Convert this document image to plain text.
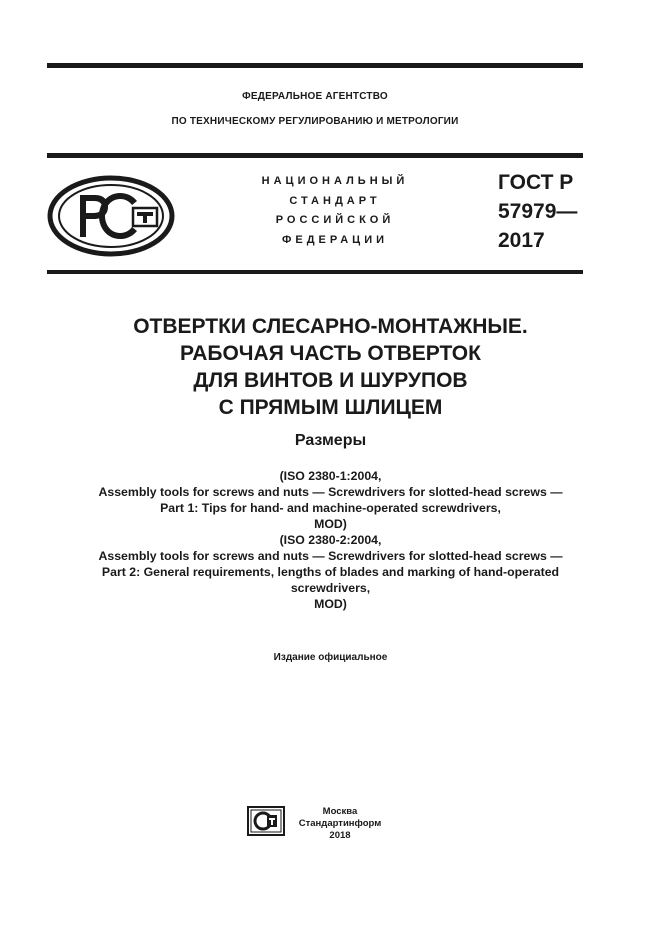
ФЕДЕРАЛЬНОЕ АГЕНТСТВО
ПО ТЕХНИЧЕСКОМУ РЕГУЛИРОВАНИЮ И МЕТРОЛОГИИ
НАЦИОНАЛЬНЫЙ
СТАНДАРТ
РОССИЙСКОЙ
ФЕДЕРАЦИИ
ГОСТ Р
57979—
2017
ОТВЕРТКИ СЛЕСАРНО-МОНТАЖНЫЕ.
РАБОЧАЯ ЧАСТЬ ОТВЕРТОК
ДЛЯ ВИНТОВ И ШУРУПОВ
С ПРЯМЫМ ШЛИЦЕМ
Размеры
(ISO 2380-1:2004,
Assembly tools for screws and nuts — Screwdrivers for slotted-head screws —
Part 1: Tips for hand- and machine-operated screwdrivers,
MOD)
(ISO 2380-2:2004,
Assembly tools for screws and nuts — Screwdrivers for slotted-head screws —
Part 2: General requirements, lengths of blades and marking of hand-operated
screwdrivers,
MOD)
Издание официальное
Москва
Стандартинформ
2018
